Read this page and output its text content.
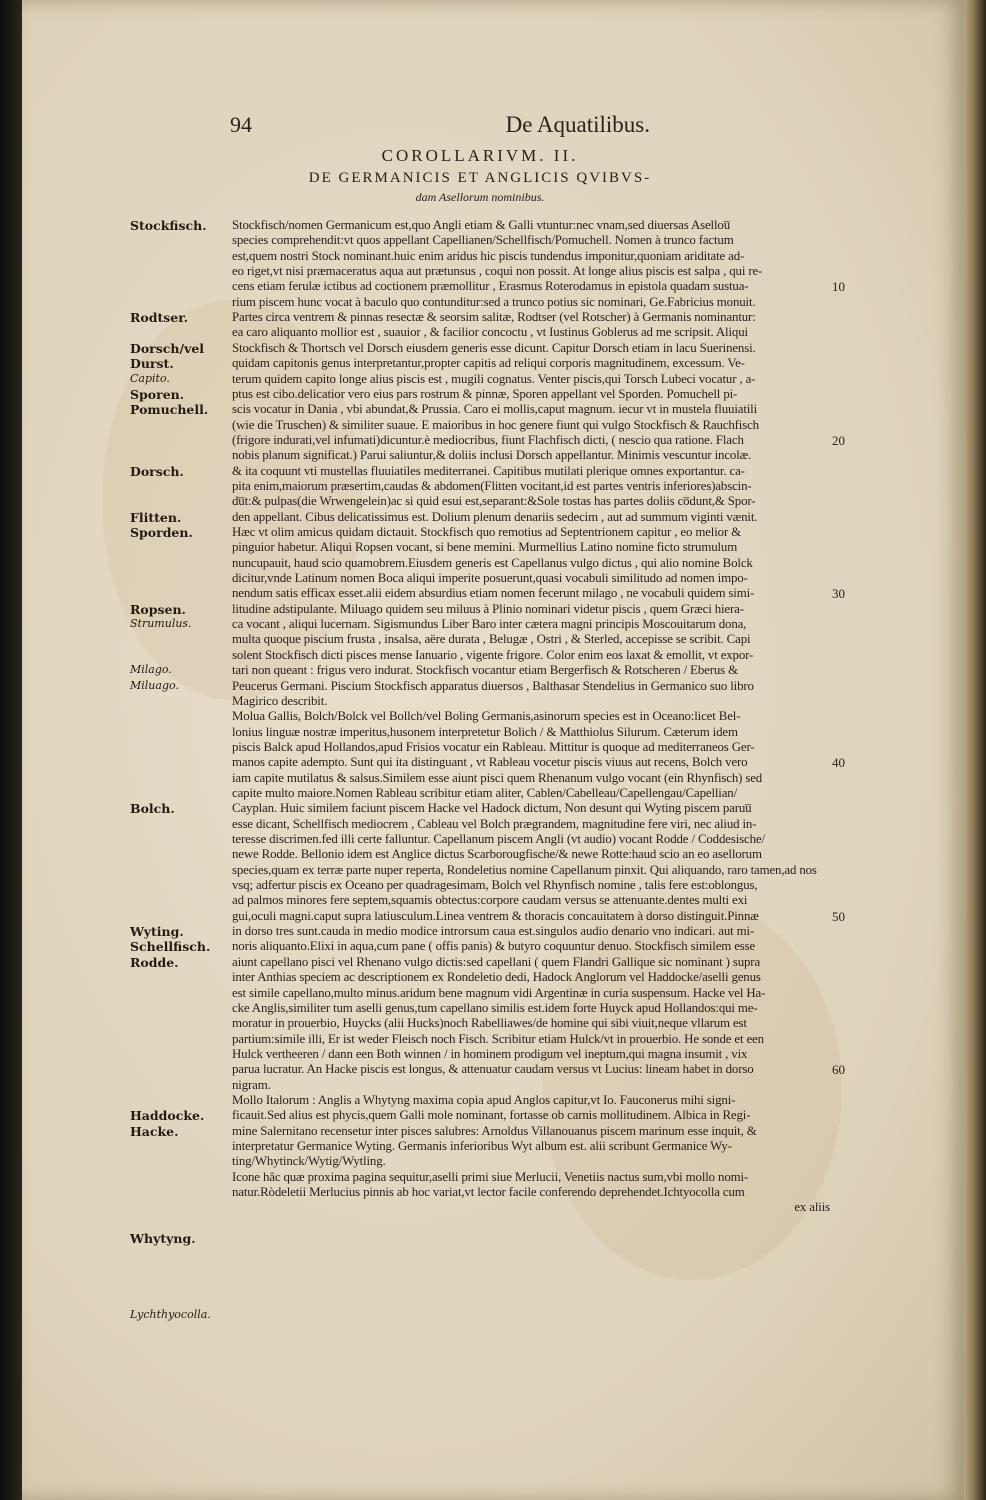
94	De Aquatilibus.
COROLLARIVM. II.
DE GERMANICIS ET ANGLICIS QVIBVS-
dam Asellorum nominibus.
Stockfisch.
Rodtser.
Dorsch/vel
Durst.
Capito.
Sporen.
Pomuchell.
Dorsch.
Flitten.
Sporden.
Ropsen.
Strumulus.
Milago.
Miluago.
Bolch.
Wyting.
Schellfisch.
Rodde.
Haddocke.
Hacke.
Whytyng.
Lychthyocolla.
Stockfisch/nomen Germanicum est,quo Angli etiam & Galli vtuntur:nec vnam,sed diuersas Asellou̅
species comprehendit:vt quos appellant Capellianen/Schellfisch/Pomuchell. Nomen à trunco factum
est,quem nostri Stock nominant.huic enim aridus hic piscis tundendus imponitur,quoniam ariditate ad-
eo riget,vt nisi præmaceratus aqua aut prætunsus , coqui non possit. At longe alius piscis est salpa , qui re-
cens etiam ferulæ ictibus ad coctionem præmollitur , Erasmus Roterodamus in epistola quadam sustua-
rium piscem hunc vocat à baculo quo contunditur:sed a trunco potius sic nominari, Ge.Fabricius monuit.
Partes circa ventrem & pinnas resectæ & seorsim salitæ, Rodtser (vel Rotscher) à Germanis nominantur:
ea caro aliquanto mollior est , suauior , & facilior concoctu , vt Iustinus Goblerus ad me scripsit. Aliqui
Stockfisch & Thortsch vel Dorsch eiusdem generis esse dicunt. Capitur Dorsch etiam in lacu Suerinensi.
quidam capitonis genus interpretantur,propter capitis ad reliqui corporis magnitudinem, excessum. Ve-
terum quidem capito longe alius piscis est , mugili cognatus. Venter piscis,qui Torsch Lubeci vocatur , a-
ptus est cibo.delicatior vero eius pars rostrum & pinnæ, Sporen appellant vel Sporden. Pomuchell pi-
scis vocatur in Dania , vbi abundat,& Prussia. Caro ei mollis,caput magnum. iecur vt in mustela fluuiatili
(wie die Truschen) & similiter suaue. E maioribus in hoc genere fiunt qui vulgo Stockfisch & Rauchfisch
(frigore indurati,vel infumati)dicuntur.è mediocribus, fiunt Flachfisch dicti, ( nescio qua ratione. Flach
nobis planum significat.) Parui saliuntur,& doliis inclusi Dorsch appellantur. Minimis vescuntur incolæ.
& ita coquunt vti mustellas fluuiatiles mediterranei. Capitibus mutilati plerique omnes exportantur. ca-
pita enim,maiorum præsertim,caudas & abdomen(Flitten vocitant,id est partes ventris inferiores)abscin-
du̅t:& pulpas(die Wrwengelein)ac si quid esui est,separant:&Sole tostas has partes doliis co̅dunt,& Spor-
den appellant. Cibus delicatissimus est. Dolium plenum denariis sedecim , aut ad summum viginti vænit.
Hæc vt olim amicus quidam dictauit. Stockfisch quo remotius ad Septentrionem capitur , eo melior &
pinguior habetur. Aliqui Ropsen vocant, si bene memini. Murmellius Latino nomine ficto strumulum
nuncupauit, haud scio quamobrem.Eiusdem generis est Capellanus vulgo dictus , qui alio nomine Bolck
dicitur,vnde Latinum nomen Boca aliqui imperite posuerunt,quasi vocabuli similitudo ad nomen impo-
nendum satis efficax esset.alii eidem absurdius etiam nomen fecerunt milago , ne vocabuli quidem simi-
litudine adstipulante. Miluago quidem seu miluus à Plinio nominari videtur piscis , quem Græci hiera-
ca vocant , aliqui lucernam. Sigismundus Liber Baro inter cætera magni principis Moscouitarum dona,
multa quoque piscium frusta , insalsa, aëre durata , Belugæ , Ostri , & Sterled, accepisse se scribit. Capi
solent Stockfisch dicti pisces mense Ianuario , vigente frigore. Color enim eos laxat & emollit, vt expor-
tari non queant : frigus vero indurat. Stockfisch vocantur etiam Bergerfisch & Rotscheren / Eberus &
Peucerus Germani. Piscium Stockfisch apparatus diuersos , Balthasar Stendelius in Germanico suo libro
Magirico describit.
Molua Gallis, Bolch/Bolck vel Bollch/vel Boling Germanis,asinorum species est in Oceano:licet Bel-
lonius linguæ nostræ imperitus,husonem interpretetur Bolich / & Matthiolus Silurum. Cæterum idem
piscis Balck apud Hollandos,apud Frisios vocatur ein Rableau. Mittitur is quoque ad mediterraneos Ger-
manos capite adempto. Sunt qui ita distinguant , vt Rableau vocetur piscis viuus aut recens, Bolch vero
iam capite mutilatus & salsus.Similem esse aiunt pisci quem Rhenanum vulgo vocant (ein Rhynfisch) sed
capite multo maiore.Nomen Rableau scribitur etiam aliter, Cablen/Cabelleau/Capellengau/Capellian/
Cayplan. Huic similem faciunt piscem Hacke vel Hadock dictum, Non desunt qui Wyting piscem paruu̅
esse dicant, Schellfisch mediocrem , Cableau vel Bolch prægrandem, magnitudine fere viri, nec aliud in-
teresse discrimen.fed illi certe falluntur. Capellanum piscem Angli (vt audio) vocant Rodde / Coddesische/
newe Rodde. Bellonio idem est Anglice dictus Scarborougfische/& newe Rotte:haud scio an eo asellorum
species,quam ex terræ parte nuper reperta, Rondeletius nomine Capellanum pinxit. Qui aliquando, raro tamen,ad nos
vsq; adfertur piscis ex Oceano per quadragesimam, Bolch vel Rhynfisch nomine , talis fere est:oblongus,
ad palmos minores fere septem,squamis obtectus:corpore caudam versus se attenuante.dentes multi exi
gui,oculi magni.caput supra latiusculum.Linea ventrem & thoracis concauitatem à dorso distinguit.Pinnæ
in dorso tres sunt.cauda in medio modice introrsum caua est.singulos audio denario vno indicari. aut mi-
noris aliquanto.Elixi in aqua,cum pane ( offis panis) & butyro coquuntur denuo. Stockfisch similem esse
aiunt capellano pisci vel Rhenano vulgo dictis:sed capellani ( quem Flandri Gallique sic nominant ) supra
inter Anthias speciem ac descriptionem ex Rondeletio dedi, Hadock Anglorum vel Haddocke/aselli genus
est simile capellano,multo minus.aridum bene magnum vidi Argentinæ in curia suspensum. Hacke vel Ha-
cke Anglis,similiter tum aselli genus,tum capellano similis est.idem forte Huyck apud Hollandos:qui me-
moratur in prouerbio, Huycks (alii Hucks)noch Rabelliawes/de homine qui sibi viuit,neque vllarum est
partium:simile illi, Er ist weder Fleisch noch Fisch. Scribitur etiam Hulck/vt in prouerbio. He sonde et een
Hulck vertheeren / dann een Both winnen / in hominem prodigum vel ineptum,qui magna insumit , vix
parua lucratur. An Hacke piscis est longus, & attenuatur caudam versus vt Lucius: lineam habet in dorso
nigram.
Mollo Italorum : Anglis a Whytyng maxima copia apud Anglos capitur,vt Io. Fauconerus mihi signi-
ficauit.Sed alius est phycis,quem Galli mole nominant, fortasse ob carnis mollitudinem. Albica in Regi-
mine Salernitano recensetur inter pisces salubres: Arnoldus Villanouanus piscem marinum esse inquit, &
interpretatur Germanice Wyting. Germanis inferioribus Wyt album est. alii scribunt Germanice Wy-
ting/Whytinck/Wytig/Wytling.
Icone hâc quæ proxima pagina sequitur,aselli primi siue Merlucii, Venetiis nactus sum,vbi mollo nomi-
natur.Ròdeletii Merlucius pinnis ab hoc variat,vt lector facile conferendo deprehendet.Ichtyocolla cum
ex aliis
10
20
30
40
50
60
